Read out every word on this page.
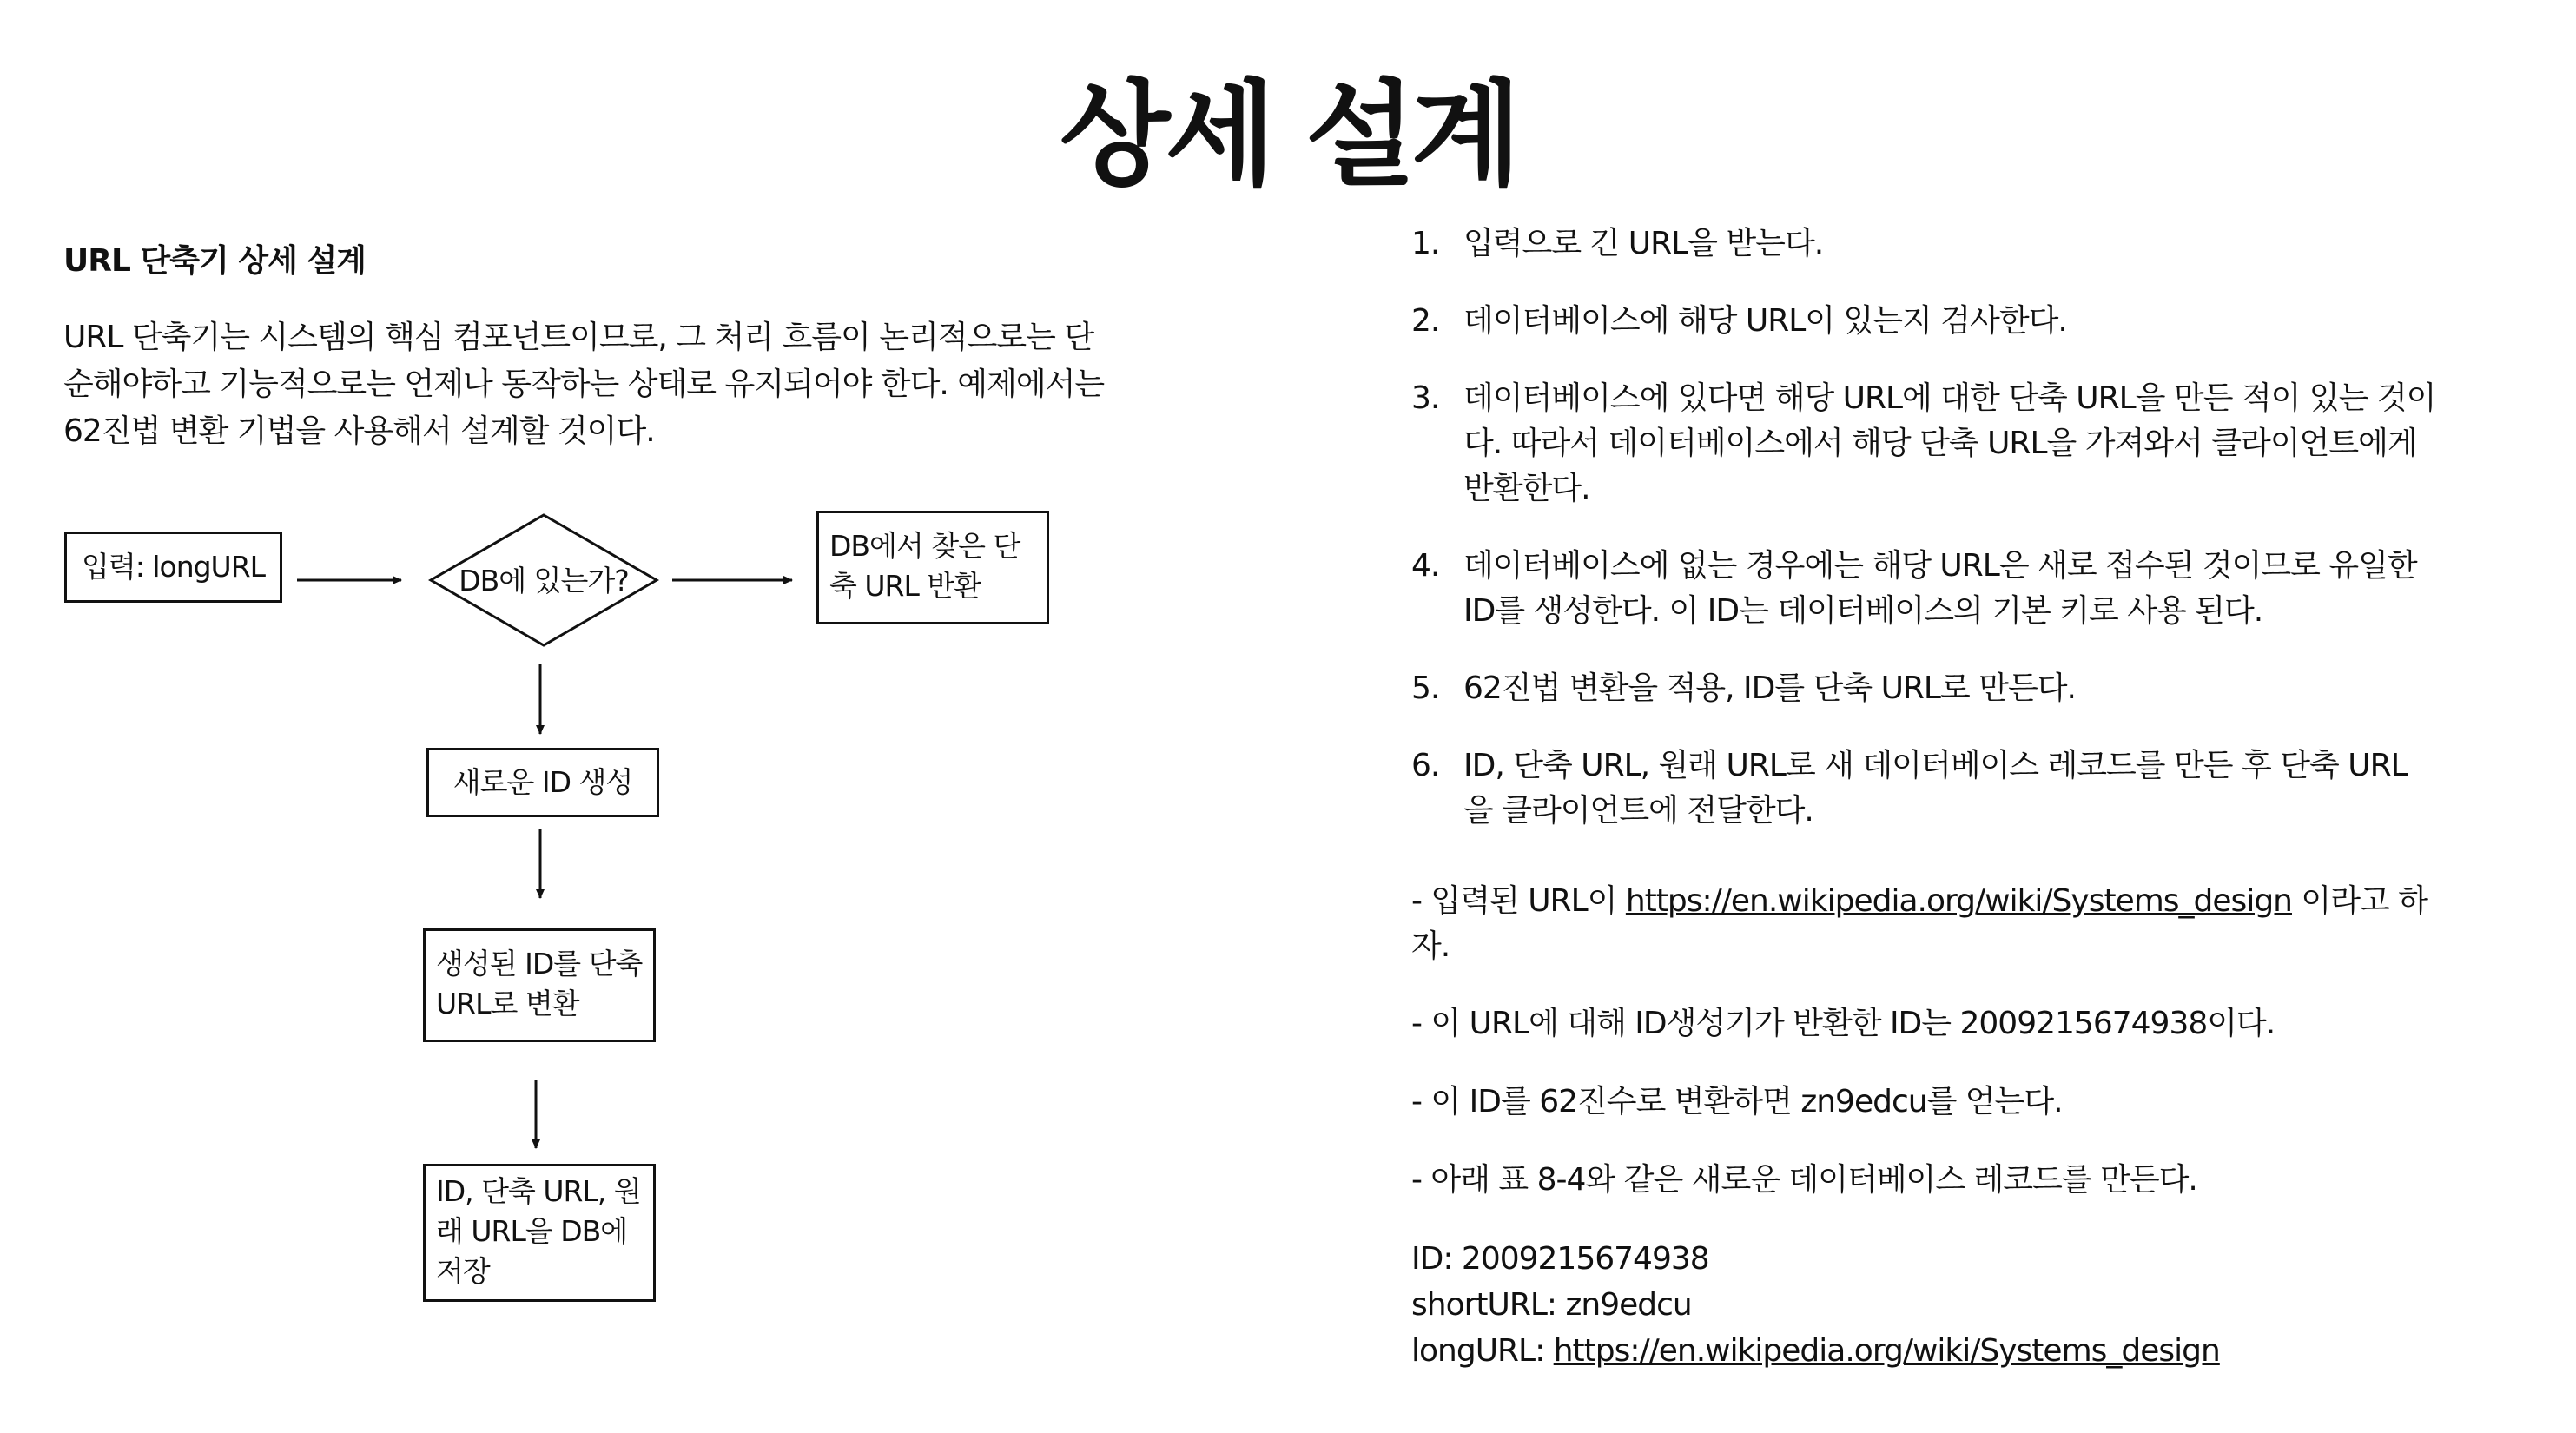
상세 설계
URL 단축기 상세 설계
URL 단축기는 시스템의 핵심 컴포넌트이므로, 그 처리 흐름이 논리적으로는 단순해야하고 기능적으로는 언제나 동작하는 상태로 유지되어야 한다. 예제에서는 62진법 변환 기법을 사용해서 설계할 것이다.
입력: longURL	DB에 있는가?
DB에서 찾은 단축 URL 반환
새로운 ID 생성
생성된 ID를 단축 URL로 변환
ID, 단축 URL, 원래 URL을 DB에 저장
1. 입력으로 긴 URL을 받는다.
2. 데이터베이스에 해당 URL이 있는지 검사한다.
3. 데이터베이스에 있다면 해당 URL에 대한 단축 URL을 만든 적이 있는 것이다. 따라서 데이터베이스에서 해당 단축 URL을 가져와서 클라이언트에게 반환한다.
4. 데이터베이스에 없는 경우에는 해당 URL은 새로 접수된 것이므로 유일한 ID를 생성한다. 이 ID는 데이터베이스의 기본 키로 사용 된다.
5. 62진법 변환을 적용, ID를 단축 URL로 만든다.
6. ID, 단축 URL, 원래 URL로 새 데이터베이스 레코드를 만든 후 단축 URL을 클라이언트에 전달한다.
- 입력된 URL이 https://en.wikipedia.org/wiki/Systems_design 이라고 하자.
- 이 URL에 대해 ID생성기가 반환한 ID는 2009215674938이다.
- 이 ID를 62진수로 변환하면 zn9edcu를 얻는다.
- 아래 표 8-4와 같은 새로운 데이터베이스 레코드를 만든다.
ID: 2009215674938
shortURL: zn9edcu
longURL: https://en.wikipedia.org/wiki/Systems_design
